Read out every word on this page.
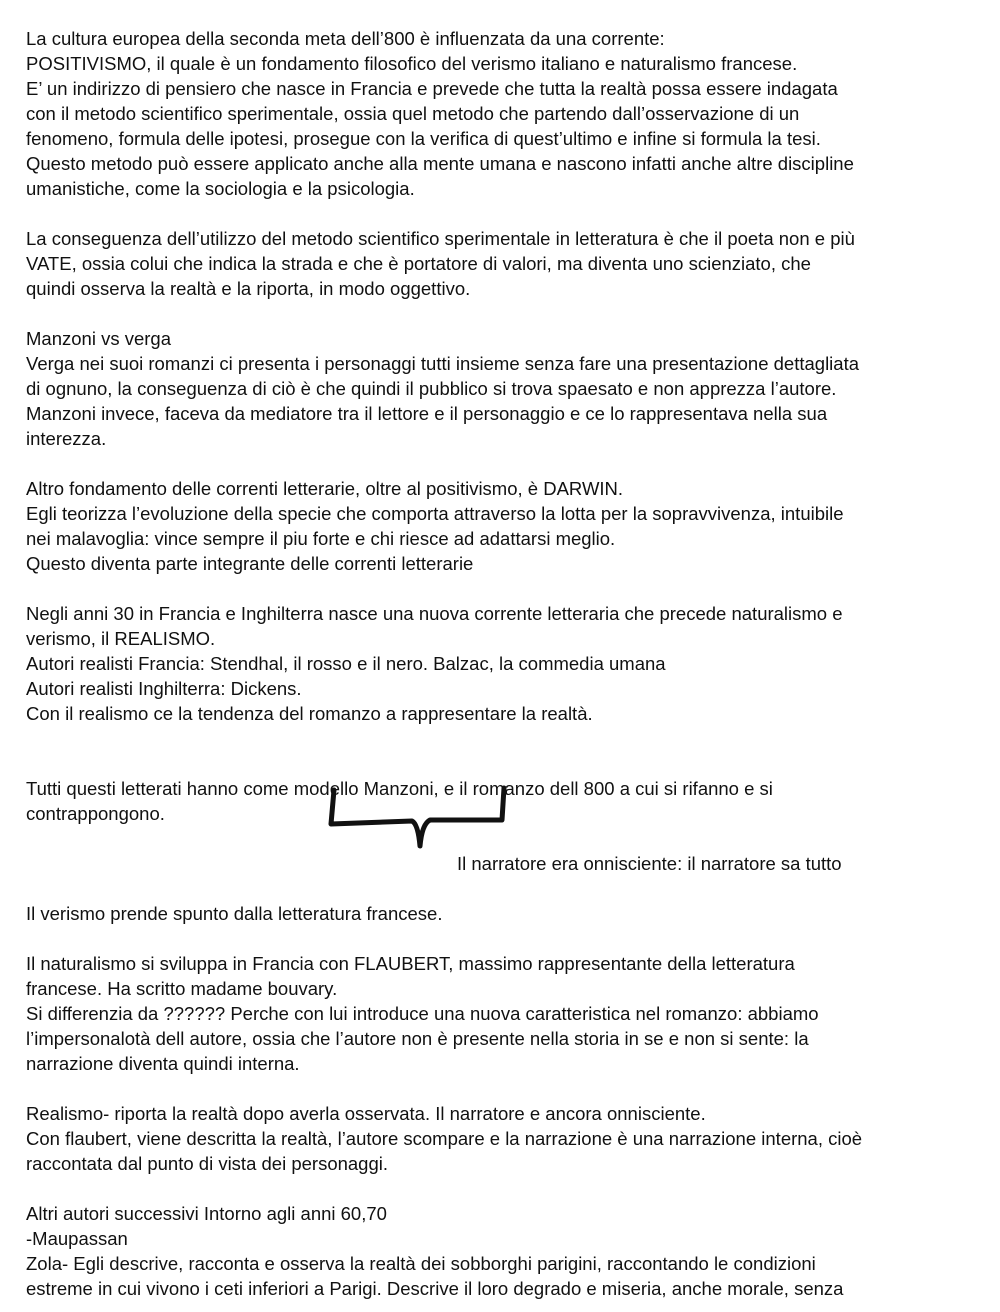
La cultura europea della seconda meta dell’800 è influenzata da una corrente:
POSITIVISMO, il quale è un fondamento filosofico del verismo italiano e naturalismo francese.
E’ un indirizzo di pensiero che nasce in Francia e prevede che tutta la realtà possa essere indagata
con il metodo scientifico sperimentale, ossia quel metodo che partendo dall’osservazione di un
fenomeno, formula delle ipotesi, prosegue con la verifica di quest’ultimo e infine si formula la tesi.
Questo metodo può essere applicato anche alla mente umana e nascono infatti anche altre discipline
umanistiche, come la sociologia e la psicologia.
La conseguenza dell’utilizzo del metodo scientifico sperimentale in letteratura è che il poeta non e più
VATE, ossia colui che indica la strada e che è portatore di valori, ma diventa uno scienziato, che
quindi osserva la realtà e la riporta, in modo oggettivo.
Manzoni vs verga
Verga nei suoi romanzi ci presenta i personaggi tutti insieme senza fare una presentazione dettagliata
di ognuno, la conseguenza di ciò è che quindi il pubblico si trova spaesato e non apprezza l’autore.
Manzoni invece, faceva da mediatore tra il lettore e il personaggio e ce lo rappresentava nella sua
interezza.
Altro fondamento delle correnti letterarie, oltre al positivismo, è DARWIN.
Egli teorizza l’evoluzione della specie che comporta attraverso la lotta per la sopravvivenza, intuibile
nei malavoglia: vince sempre il piu forte e chi riesce ad adattarsi meglio.
Questo diventa parte integrante delle correnti letterarie
Negli anni 30 in Francia e Inghilterra nasce una nuova corrente letteraria che precede naturalismo e
verismo, il REALISMO.
Autori realisti Francia: Stendhal, il rosso e il nero. Balzac, la commedia umana
Autori realisti Inghilterra: Dickens.
Con il realismo ce la tendenza del romanzo a rappresentare la realtà.
Tutti questi letterati hanno come modello Manzoni, e il romanzo dell 800 a cui si rifanno e si
contrappongono.
Il narratore era onnisciente: il narratore sa tutto
Il verismo prende spunto dalla letteratura francese.
Il naturalismo si sviluppa in Francia con FLAUBERT, massimo rappresentante della letteratura
francese. Ha scritto madame bouvary.
Si differenzia da ?????? Perche con lui introduce una nuova caratteristica nel romanzo: abbiamo
l’impersonalotà dell autore, ossia che l’autore non è presente nella storia in se e non si sente: la
narrazione diventa quindi interna.
Realismo- riporta la realtà dopo averla osservata. Il narratore e ancora onnisciente.
Con flaubert, viene descritta la realtà, l’autore scompare e la narrazione è una narrazione interna, cioè
raccontata dal punto di vista dei personaggi.
Altri autori successivi Intorno agli anni 60,70
-Maupassan
Zola- Egli descrive, racconta e osserva la realtà dei sobborghi parigini, raccontando le condizioni
estreme in cui vivono i ceti inferiori a Parigi. Descrive il loro degrado e miseria, anche morale, senza
